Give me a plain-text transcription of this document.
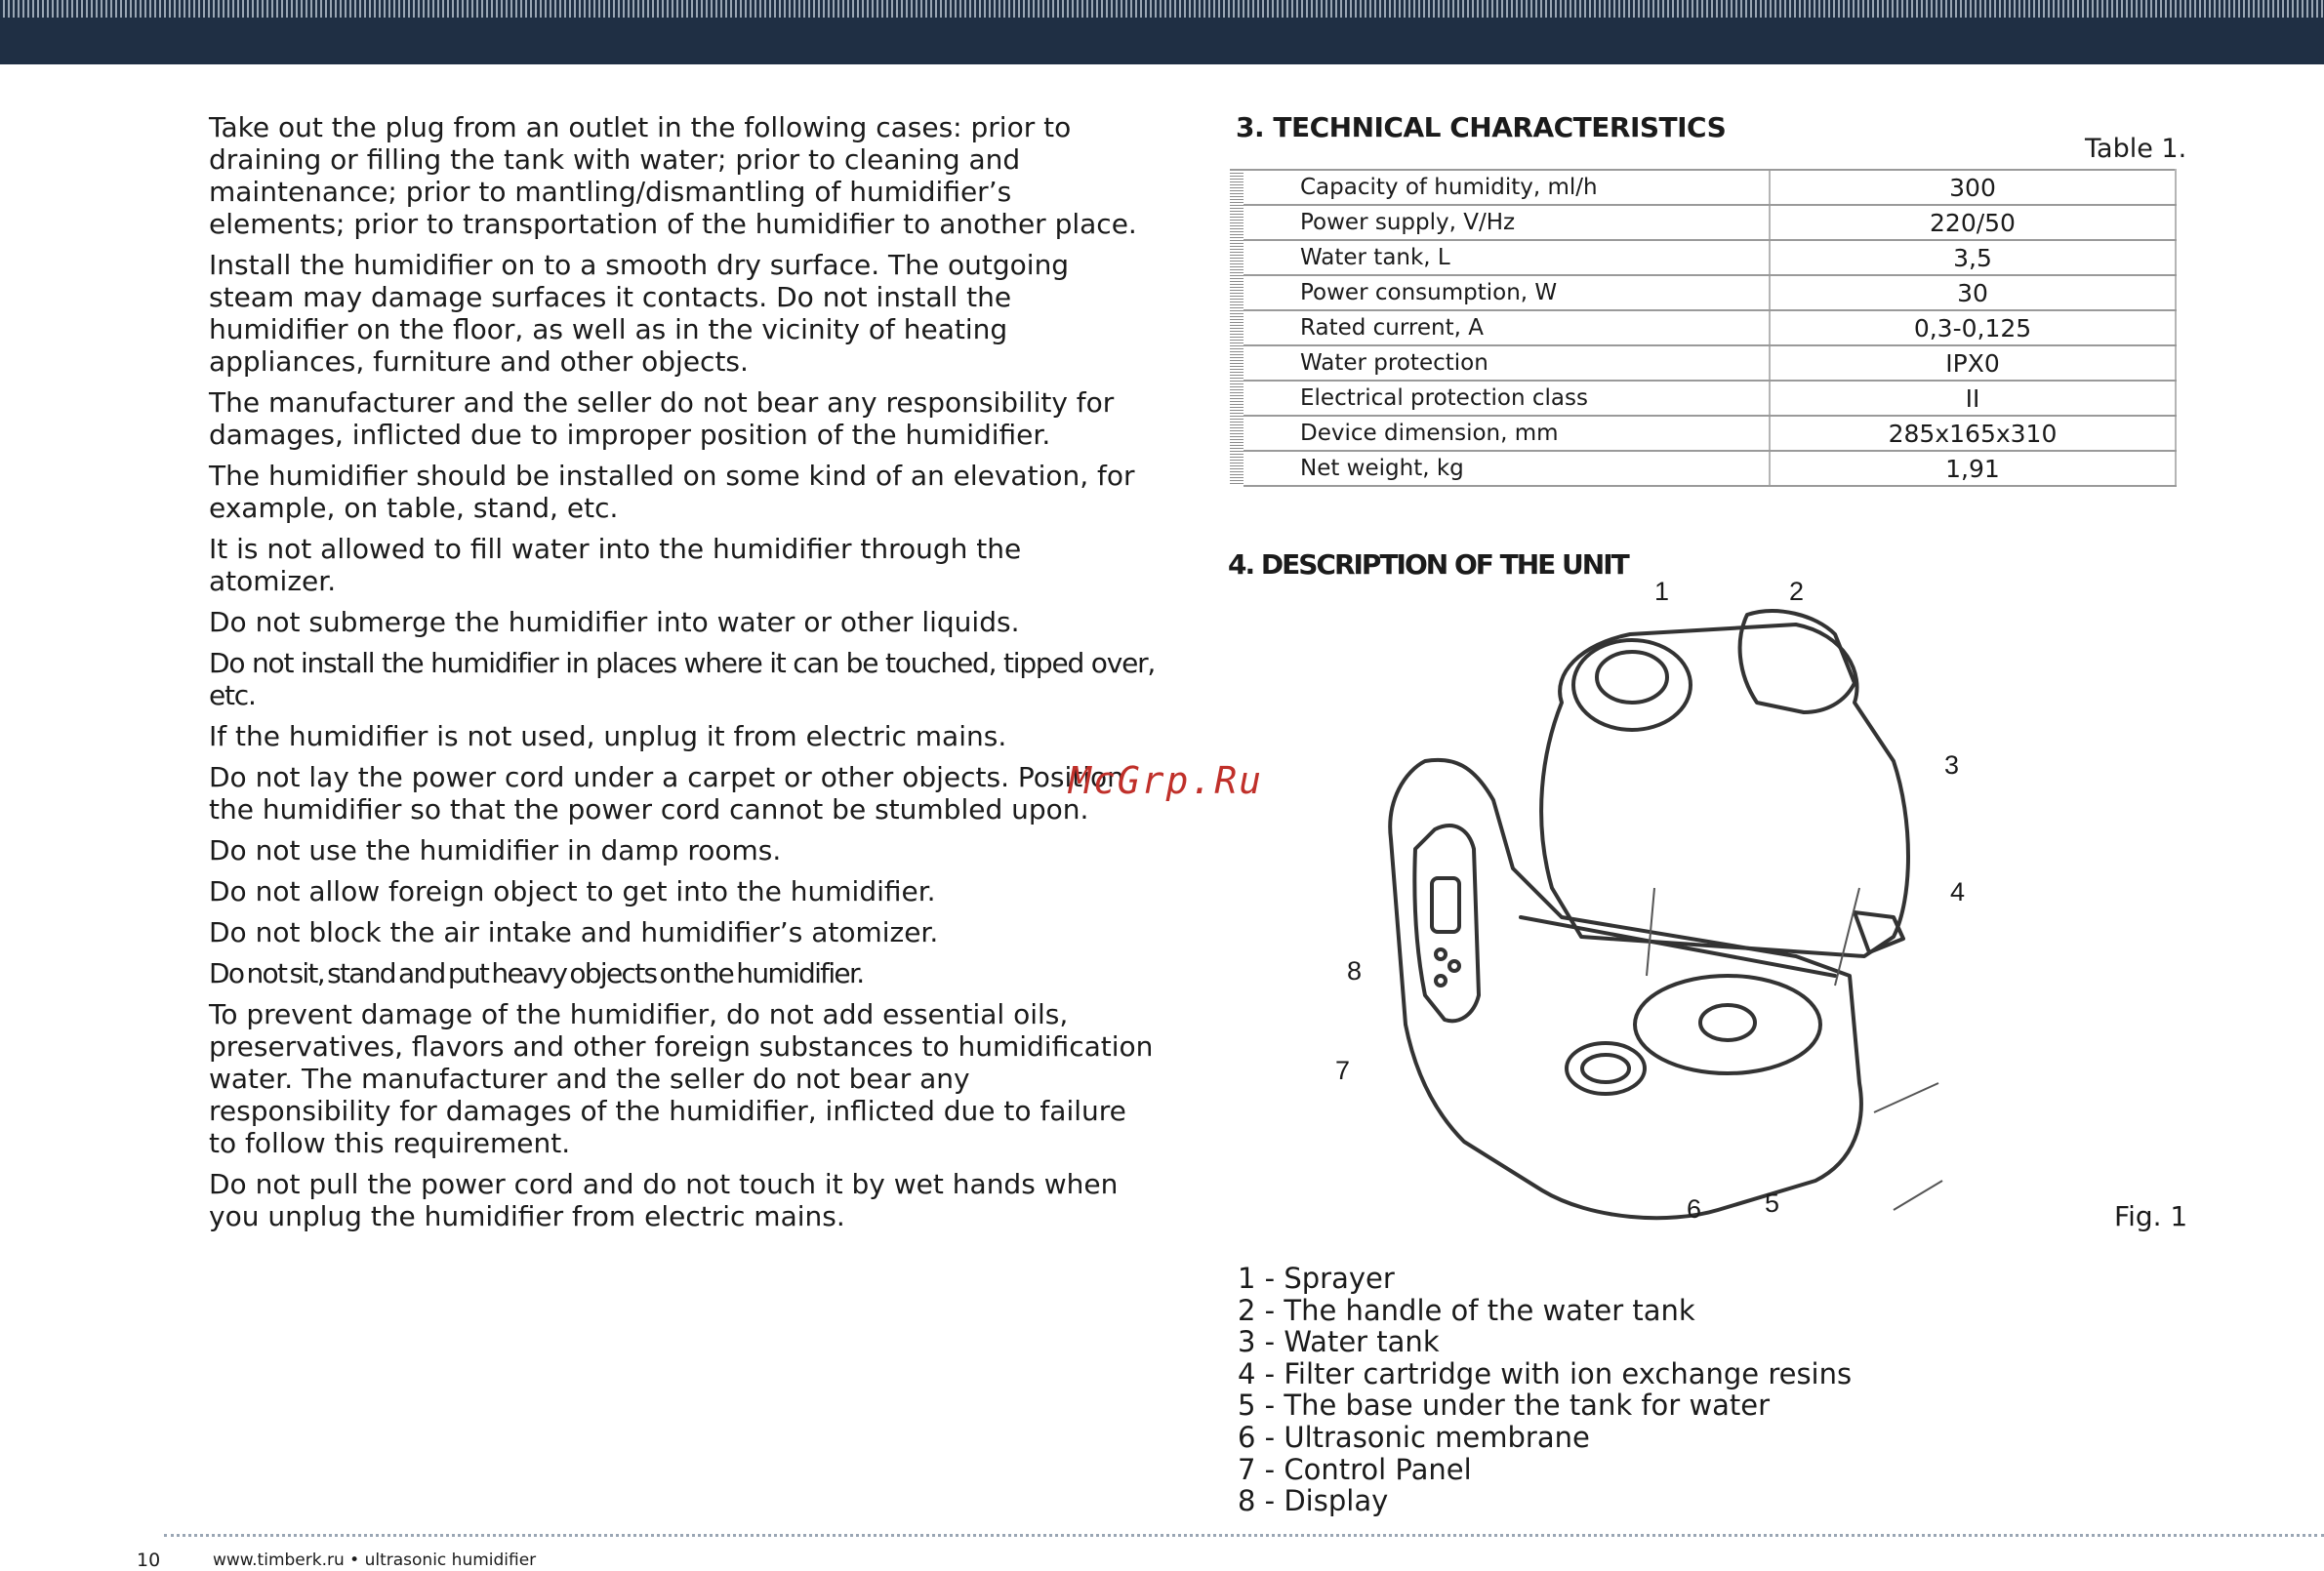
Take out the plug from an outlet in the following cases: prior to draining or filling the tank with water; prior to cleaning and maintenance; prior to mantling/dismantling of humidifier’s elements; prior to transportation of the humidifier to another place.

Install the humidifier on to a smooth dry surface. The outgoing steam may damage surfaces it contacts. Do not install the humidifier on the floor, as well as in the vicinity of heating appliances, furniture and other objects.

The manufacturer and the seller do not bear any responsibility for damages, inflicted due to improper position of the humidifier.

The humidifier should be installed on some kind of an elevation, for example, on table, stand, etc.

It is not allowed to fill water into the humidifier through the atomizer.

Do not submerge the humidifier into water or other liquids.

Do not install the humidifier in places where it can be touched, tipped over, etc.

If the humidifier is not used, unplug it from electric mains.

Do not lay the power cord under a carpet or other objects. Position the humidifier so that the power cord cannot be stumbled upon.

Do not use the humidifier in damp rooms.

Do not allow foreign object to get into the humidifier.

Do not block the air intake and humidifier’s atomizer.

Do not sit, stand and put heavy objects on the humidifier.

To prevent damage of the humidifier, do not add essential oils, preservatives, flavors and other foreign substances to humidification water. The manufacturer and the seller do not bear any responsibility for damages of the humidifier, inflicted due to failure to follow this requirement.

Do not pull the power cord and do not touch it by wet hands when you unplug the humidifier from electric mains.

3. TECHNICAL CHARACTERISTICS
Table 1.
	Capacity of humidity, ml/h	300
	Power supply, V/Hz	220/50
	Water tank, L	3,5
	Power consumption, W	30
	Rated current, A	0,3-0,125
	Water protection	IPX0
	Electrical protection class	II
	Device dimension, mm	285x165x310
	Net weight, kg	1,91
4. DESCRIPTION OF THE UNIT
McGrp.Ru
1	2
3
4
5
6
7
8
Fig. 1
1 - Sprayer
2 - The handle of the water tank
3 - Water tank
4 - Filter cartridge with ion exchange resins
5 - The base under the tank for water
6 - Ultrasonic membrane
7 - Control Panel
8 - Display
10	www.timberk.ru • ultrasonic humidifier
